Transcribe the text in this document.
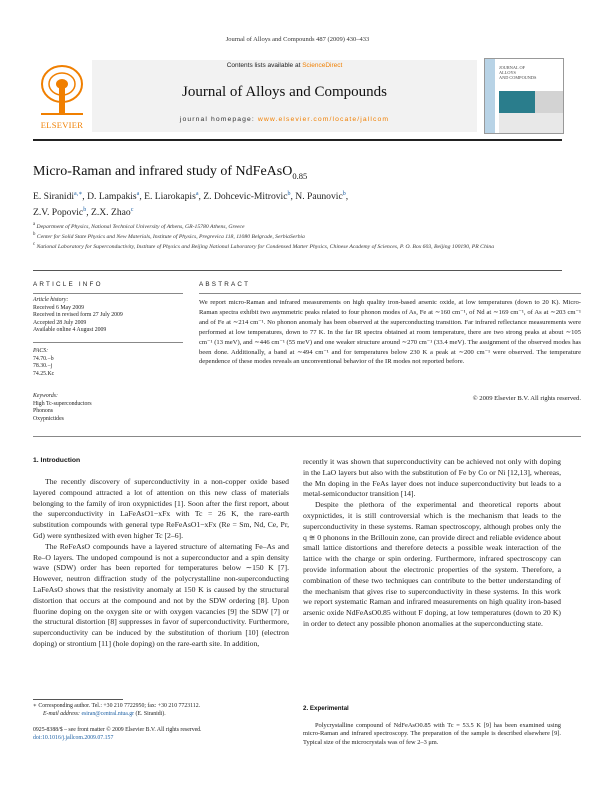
Journal of Alloys and Compounds 487 (2009) 430–433
ELSEVIER
Contents lists available at ScienceDirect
Journal of Alloys and Compounds
journal homepage: www.elsevier.com/locate/jallcom
JOURNAL OF
ALLOYS
AND COMPOUNDS
Micro-Raman and infrared study of NdFeAsO$_{0.85}$
E. Siranidi$^{a,∗}$, D. Lampakis$^a$, E. Liarokapis$^a$, Z. Dohcevic-Mitrovic$^b$, N. Paunovic$^b$,
Z.V. Popovic$^b$, Z.X. Zhao$^c$
$^a$ Department of Physics, National Technical University of Athens, GR-15780 Athens, Greece
$^b$ Center for Solid State Physics and New Materials, Institute of Physics, Pregrevica 118, 11080 Belgrade, SerbiaSerbia
$^c$ National Laboratory for Superconductivity, Institute of Physics and Beijing National Laboratory for Condensed Matter Physics, Chinese Academy of Sciences, P. O. Box 603, Beijing 100190, PR China
ARTICLE INFO
Article history:
Received 6 May 2009
Received in revised form 27 July 2009
Accepted 28 July 2009
Available online 4 August 2009
PACS:
74.70.−b
78.30.−j
74.25.Kc
Keywords:
High Tc-superconductors
Phonons
Oxypnictides
ABSTRACT
We report micro-Raman and infrared measurements on high quality iron-based arsenic oxide, at low temperatures (down to 20 K). Micro-Raman spectra exhibit two asymmetric peaks related to four phonon modes of As, Fe at ∼160 cm⁻¹, of Nd at ∼169 cm⁻¹, of As at ∼203 cm⁻¹ and of Fe at ∼214 cm⁻¹. No phonon anomaly has been observed at the superconducting transition. Far infrared reflectance measurements were performed at low temperatures, down to 77 K. In the far IR spectra obtained at room temperature, there are two strong peaks at about ∼105 cm⁻¹ (13 meV), and ∼446 cm⁻¹ (55 meV) and one weaker structure around ∼270 cm⁻¹ (33.4 meV). The assignment of the observed modes has been done. Additionally, a band at ∼494 cm⁻¹ and for temperatures below 230 K a peak at ∼200 cm⁻¹ were observed. The temperature dependence of these modes reveals an unconventional behavior of the IR modes not reported before.
© 2009 Elsevier B.V. All rights reserved.
1. Introduction

The recently discovery of superconductivity in a non-copper oxide based layered compound attracted a lot of attention on this new class of materials belonging to the family of iron oxypnictides [1]. Soon after the first report, about the superconductivity in LaFeAsO1−xFx with Tc = 26 K, the rare-earth substitution compounds with general type ReFeAsO1−xFx (Re = Sm, Nd, Ce, Pr, Gd) were synthesized with even higher Tc [2–6].

The ReFeAsO compounds have a layered structure of alternating Fe–As and Re–O layers. The undoped compound is not a superconductor and a spin density wave (SDW) order has been reported for temperatures below ∼150 K [7]. However, neutron diffraction study of the polycrystalline non-superconducting LaFeAsO shows that the resistivity anomaly at 150 K is caused by the structural distortion that occurs at the compound and not by the SDW ordering [8]. Upon fluorine doping on the oxygen site or with oxygen vacancies [9] the SDW [7] or the structural distortion [8] suppresses in favor of superconductivity. Furthermore, superconductivity can be induced by the substitution of thorium [10] (electron doping) or strontium [11] (hole doping) on the rare-earth site. In addition,

recently it was shown that superconductivity can be achieved not only with doping in the LaO layers but also with the substitution of Fe by Co or Ni [12,13], whereas, the Mn doping in the FeAs layer does not induce superconductivity but leads to a metal-semiconductor transition [14].

Despite the plethora of the experimental and theoretical reports about oxypnictides, it is still controversial which is the mechanism that leads to the superconductivity in these systems. Raman spectroscopy, although probes only the q ≅ 0 phonons in the Brillouin zone, can provide direct and reliable evidence about small lattice distortions and therefore detects a possible weak interaction of the lattice with the charge or spin ordering. Furthermore, infrared spectroscopy can provide information about the electronic properties of the system. Therefore, a combination of these two techniques can contribute to the better understanding of the mechanism that gives rise to superconductivity in these systems. In this work we report systematic Raman and infrared measurements on high quality iron-based arsenic oxide NdFeAsO0.85 without F doping, at low temperatures (down to 20 K) in order to detect any possible phonon anomalies at the superconducting state.

2. Experimental
Polycrystalline compound of NdFeAsO0.85 with Tc = 53.5 K [9] has been examined using micro-Raman and infrared spectroscopy. The preparation of the sample is described elsewhere [9]. Typical size of the microcrystals was of few 2–3 μm.
∗ Corresponding author. Tel.: +30 210 7722950; fax: +30 210 7723112.
E-mail address: esiran@central.ntua.gr (E. Siranidi).
0925-8388/$ – see front matter © 2009 Elsevier B.V. All rights reserved.
doi:10.1016/j.jallcom.2009.07.157
